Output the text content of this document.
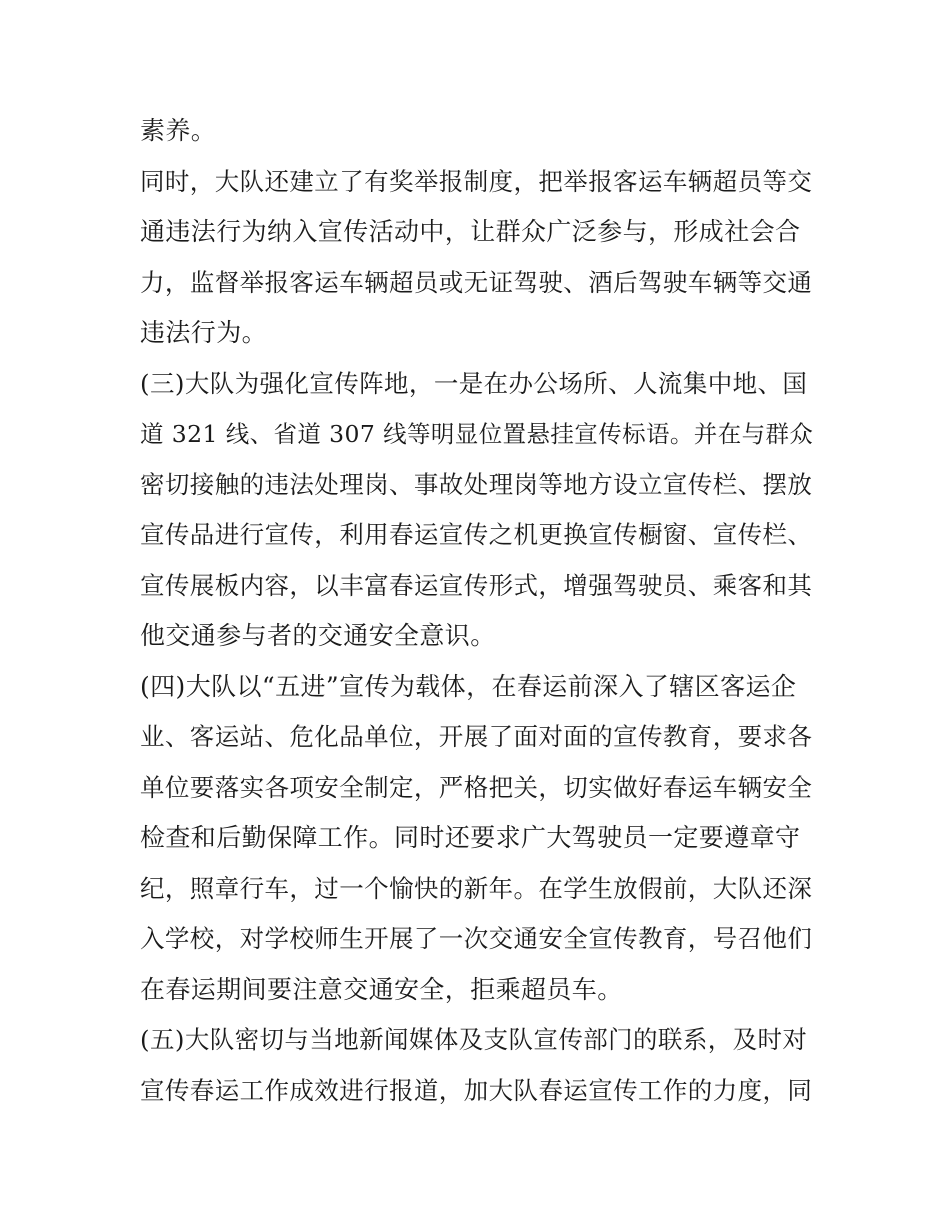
素养。
同时，大队还建立了有奖举报制度，把举报客运车辆超员等交
通违法行为纳入宣传活动中，让群众广泛参与，形成社会合
力，监督举报客运车辆超员或无证驾驶、酒后驾驶车辆等交通
违法行为。
(三)大队为强化宣传阵地，一是在办公场所、人流集中地、国
道 321 线、省道 307 线等明显位置悬挂宣传标语。并在与群众
密切接触的违法处理岗、事故处理岗等地方设立宣传栏、摆放
宣传品进行宣传，利用春运宣传之机更换宣传橱窗、宣传栏、
宣传展板内容，以丰富春运宣传形式，增强驾驶员、乘客和其
他交通参与者的交通安全意识。
(四)大队以“五进”宣传为载体，在春运前深入了辖区客运企
业、客运站、危化品单位，开展了面对面的宣传教育，要求各
单位要落实各项安全制定，严格把关，切实做好春运车辆安全
检查和后勤保障工作。同时还要求广大驾驶员一定要遵章守
纪，照章行车，过一个愉快的新年。在学生放假前，大队还深
入学校，对学校师生开展了一次交通安全宣传教育，号召他们
在春运期间要注意交通安全，拒乘超员车。
(五)大队密切与当地新闻媒体及支队宣传部门的联系，及时对
宣传春运工作成效进行报道，加大队春运宣传工作的力度，同
